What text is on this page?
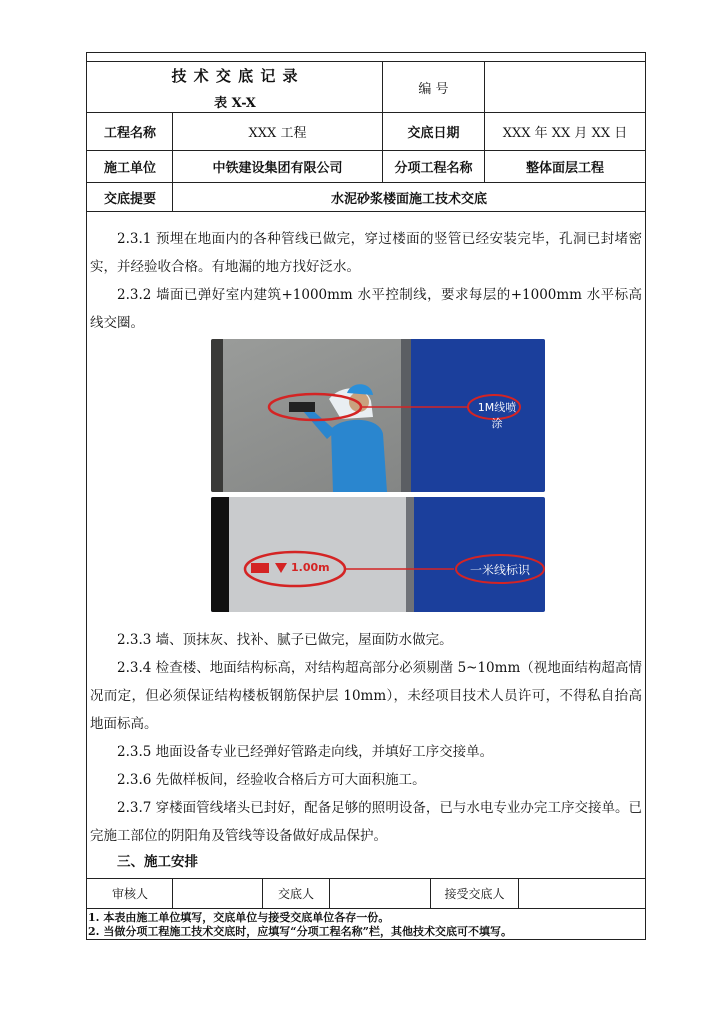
技 术 交 底 记 录
表 X-X
编 号
工程名称	XXX 工程	交底日期	XXX 年 XX 月 XX 日
施工单位	中铁建设集团有限公司	分项工程名称	整体面层工程
交底提要	水泥砂浆楼面施工技术交底
2.3.1 预埋在地面内的各种管线已做完，穿过楼面的竖管已经安装完毕，孔洞已封堵密实，并经验收合格。有地漏的地方找好泛水。
2.3.2 墙面已弹好室内建筑+1000mm 水平控制线，要求每层的+1000mm 水平标高线交圈。
1M线喷涂
1.00m	一米线标识
2.3.3 墙、顶抹灰、找补、腻子已做完，屋面防水做完。
2.3.4 检查楼、地面结构标高，对结构超高部分必须剔凿 5~10mm（视地面结构超高情况而定，但必须保证结构楼板钢筋保护层 10mm），未经项目技术人员许可，不得私自抬高地面标高。
2.3.5 地面设备专业已经弹好管路走向线，并填好工序交接单。
2.3.6 先做样板间，经验收合格后方可大面积施工。
2.3.7 穿楼面管线堵头已封好，配备足够的照明设备，已与水电专业办完工序交接单。已完施工部位的阴阳角及管线等设备做好成品保护。
三、施工安排
审核人	交底人	接受交底人
1. 本表由施工单位填写，交底单位与接受交底单位各存一份。
2. 当做分项工程施工技术交底时，应填写“分项工程名称”栏，其他技术交底可不填写。
